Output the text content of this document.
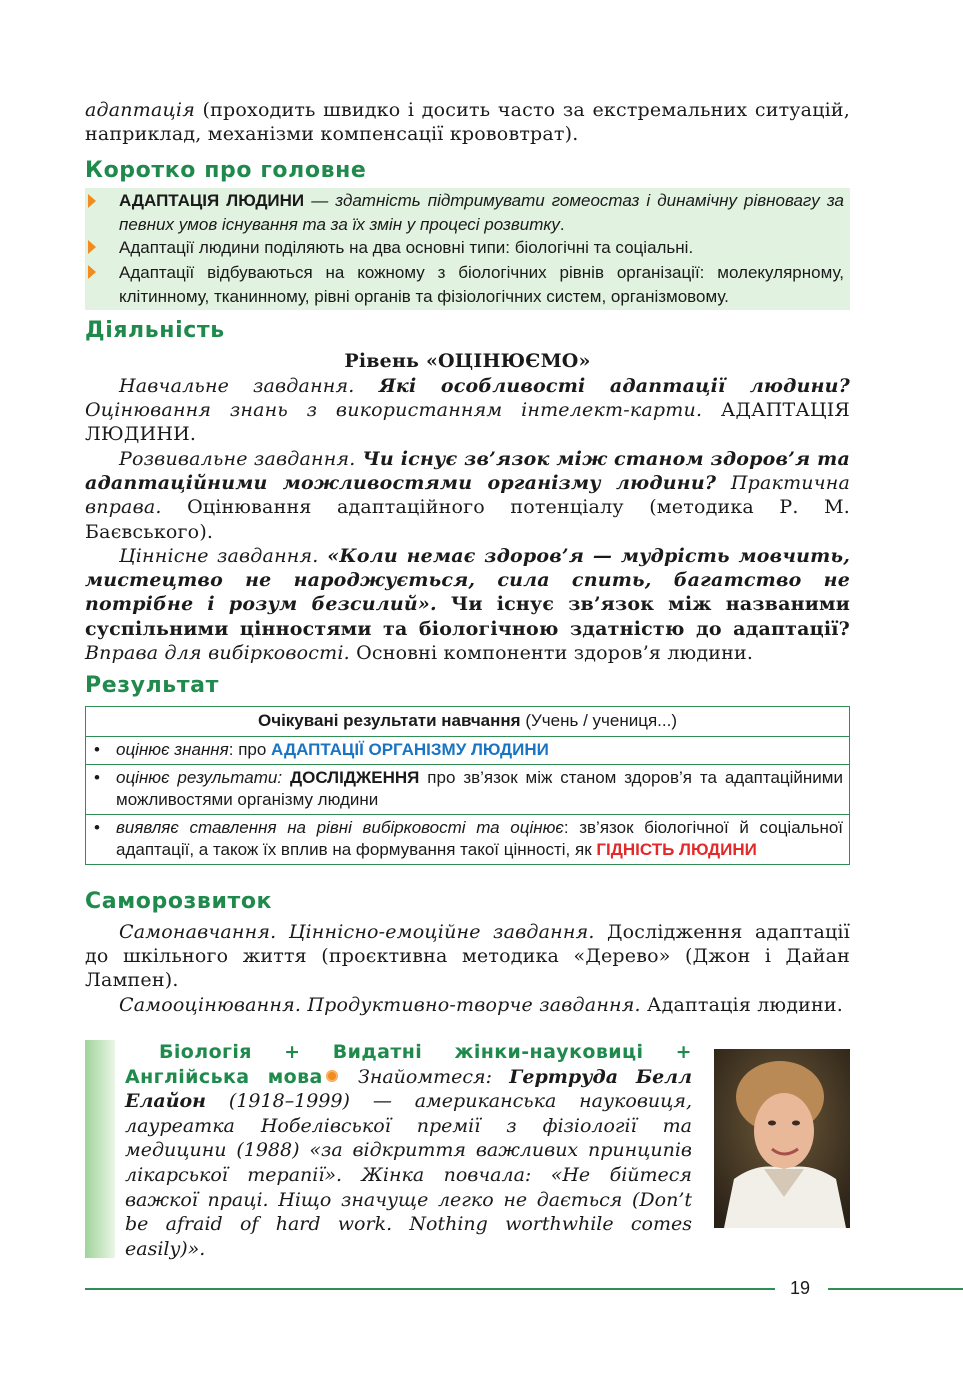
адаптація (проходить швидко і досить часто за екстремальних ситуацій, наприклад, механізми компенсації крововтрат).
Коротко про головне
АДАПТАЦІЯ ЛЮДИНИ — здатність підтримувати гомеостаз і динамічну рівновагу за певних умов існування та за їх змін у процесі розвитку.
Адаптації людини поділяють на два основні типи: біологічні та соціальні.
Адаптації відбуваються на кожному з біологічних рівнів організації: молекулярному, клітинному, тканинному, рівні органів та фізіологічних систем, організмовому.
Діяльність
Рівень «ОЦІНЮЄМО»
Навчальне завдання. Які особливості адаптації людини? Оцінювання знань з використанням інтелект-карти. АДАПТАЦІЯ ЛЮДИНИ.
Розвивальне завдання. Чи існує зв’язок між станом здоров’я та адаптаційними можливостями організму людини? Практична вправа. Оцінювання адаптаційного потенціалу (методика Р. М. Баєвського).
Ціннісне завдання. «Коли немає здоров’я — мудрість мовчить, мистецтво не народжується, сила спить, багатство не потрібне і розум безсилий». Чи існує зв’язок між названими суспільними цінностями та біологічною здатністю до адаптації? Вправа для вибірковості. Основні компоненти здоров’я людини.
Результат
Очікувані результати навчання (Учень / учениця...)
• оцінює знання: про АДАПТАЦІЇ ОРГАНІЗМУ ЛЮДИНИ
• оцінює результати: ДОСЛІДЖЕННЯ про зв’язок між станом здоров’я та адаптаційними можливостями організму людини
• виявляє ставлення на рівні вибірковості та оцінює: зв’язок біологічної й соціальної адаптації, а також їх вплив на формування такої цінності, як ГІДНІСТЬ ЛЮДИНИ
Саморозвиток
Самонавчання. Ціннісно-емоційне завдання. Дослідження адаптації до шкільного життя (проєктивна методика «Дерево» (Джон і Дайан Лампен).
Самооцінювання. Продуктивно-творче завдання. Адаптація людини.
Біологія + Видатні жінки-науковиці + Англійська мова Знайомтеся: Гертруда Белл Елайон (1918–1999) — американська науковиця, лауреатка Нобелівської премії з фізіології та медицини (1988) «за відкриття важливих принципів лікарської терапії». Жінка повчала: «Не бійтеся важкої праці. Ніщо значуще легко не дається (Don’t be afraid of hard work. Nothing worthwhile comes easily)».
19
